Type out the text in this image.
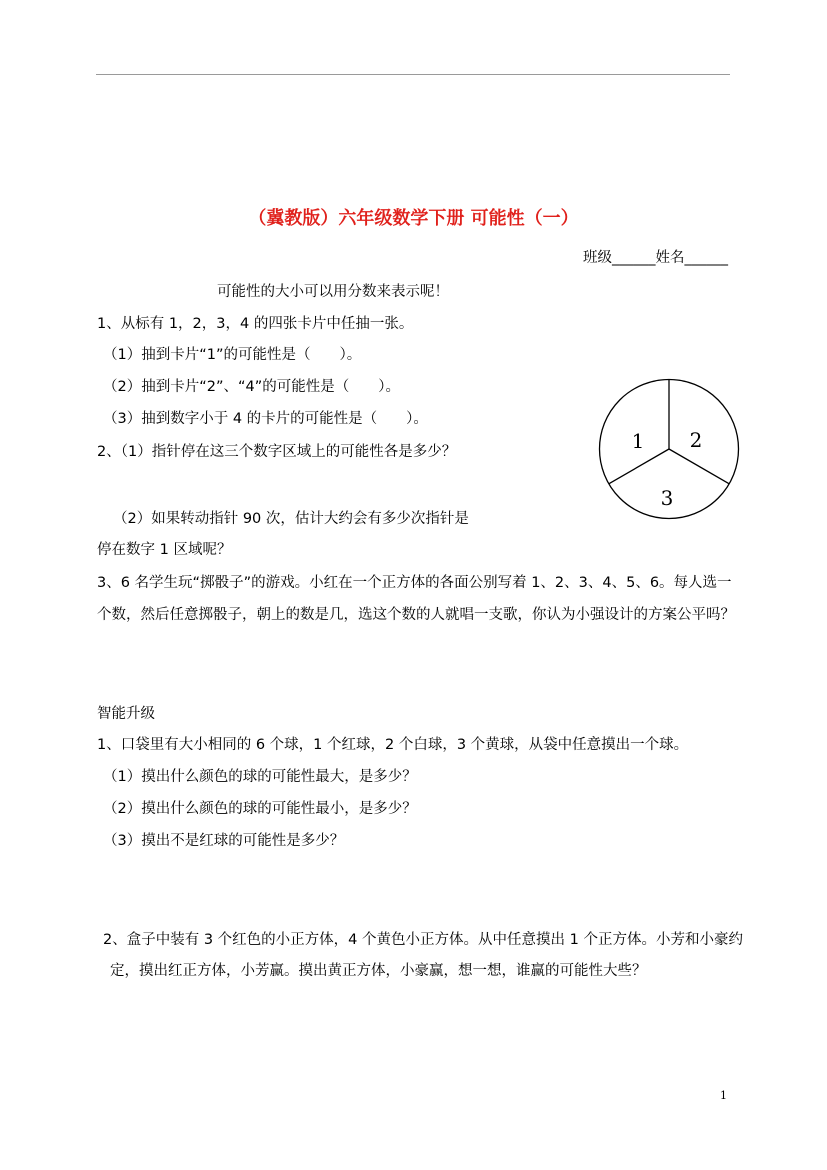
（冀教版）六年级数学下册 可能性（一）
班级______姓名______
可能性的大小可以用分数来表示呢！
1、从标有 1，2，3，4 的四张卡片中任抽一张。
（1）抽到卡片“1”的可能性是（　　）。
（2）抽到卡片“2”、“4”的可能性是（　　）。
（3）抽到数字小于 4 的卡片的可能性是（　　）。
2、（1）指针停在这三个数字区域上的可能性各是多少？
（2）如果转动指针 90 次，估计大约会有多少次指针是
停在数字 1 区域呢？
1 2
3
3、6 名学生玩“掷骰子”的游戏。小红在一个正方体的各面公别写着 1、2、3、4、5、6。每人选一
个数，然后任意掷骰子，朝上的数是几，选这个数的人就唱一支歌，你认为小强设计的方案公平吗？
智能升级
1、口袋里有大小相同的 6 个球，1 个红球，2 个白球，3 个黄球，从袋中任意摸出一个球。
（1）摸出什么颜色的球的可能性最大，是多少？
（2）摸出什么颜色的球的可能性最小，是多少？
（3）摸出不是红球的可能性是多少？
2、盒子中装有 3 个红色的小正方体，4 个黄色小正方体。从中任意摸出 1 个正方体。小芳和小豪约
定，摸出红正方体，小芳赢。摸出黄正方体，小豪赢，想一想，谁赢的可能性大些？
1
